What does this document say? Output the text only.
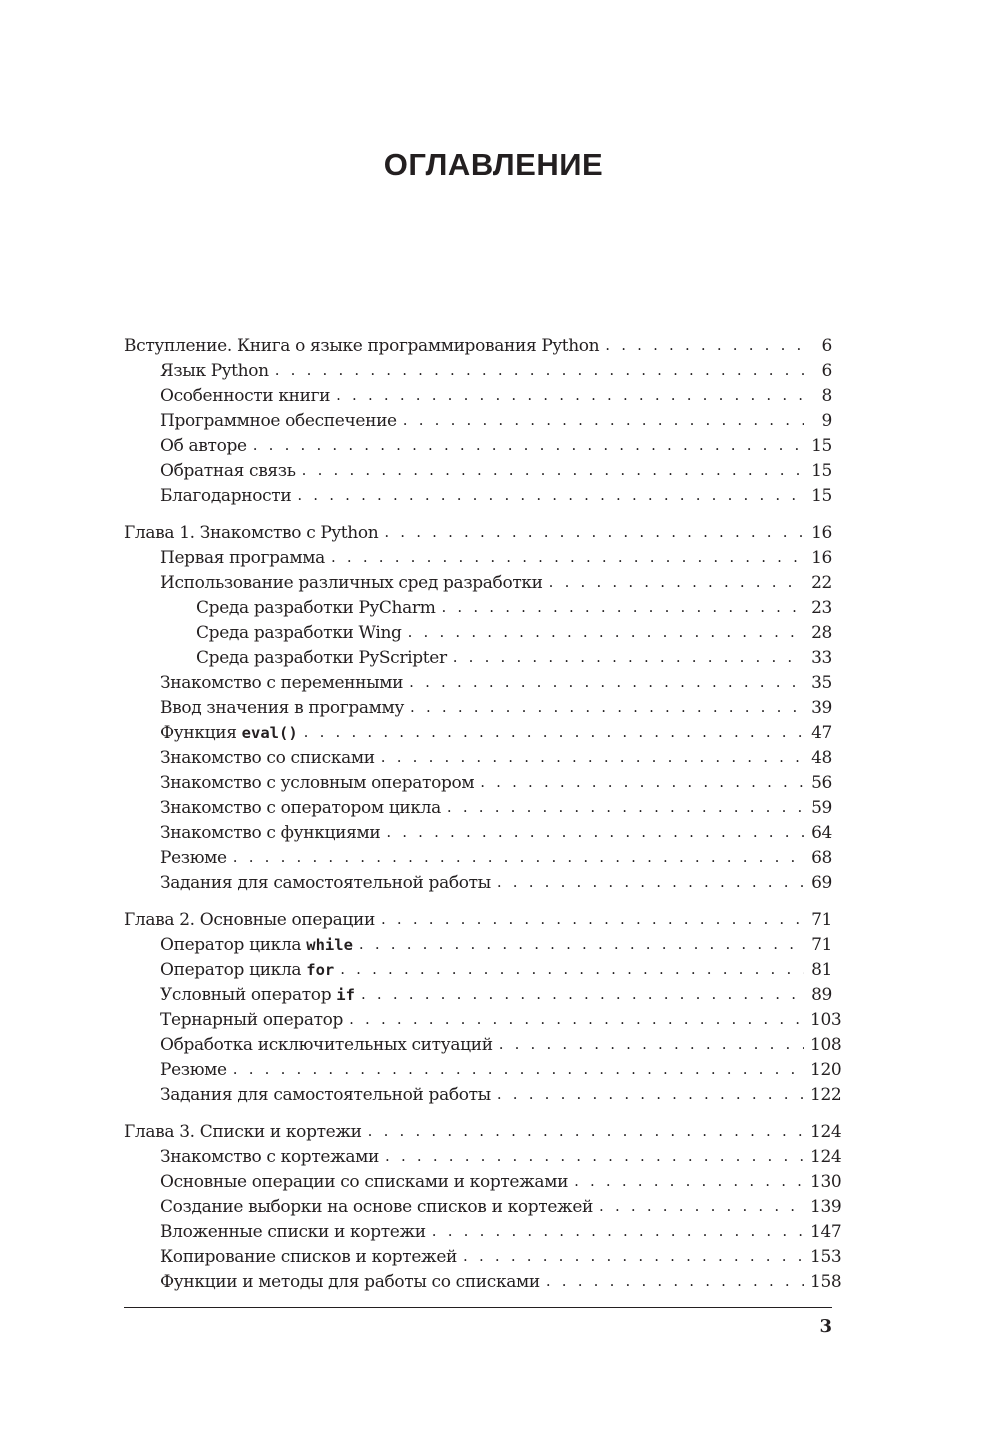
ОГЛАВЛЕНИЕ
Вступление. Книга о языке программирования Python . . .	6
Язык Python . . .	6
Особенности книги . . .	8
Программное обеспечение . . .	9
Об авторе . . .	15
Обратная связь . . .	15
Благодарности . . .	15
Глава 1. Знакомство с Python . . .	16
Первая программа . . .	16
Использование различных сред разработки . . .	22
Среда разработки PyCharm . . .	23
Среда разработки Wing . . .	28
Среда разработки PyScripter . . .	33
Знакомство с переменными . . .	35
Ввод значения в программу . . .	39
Функция eval() . . .	47
Знакомство со списками . . .	48
Знакомство с условным оператором . . .	56
Знакомство с оператором цикла . . .	59
Знакомство с функциями . . .	64
Резюме . . .	68
Задания для самостоятельной работы . . .	69
Глава 2. Основные операции . . .	71
Оператор цикла while . . .	71
Оператор цикла for . . .	81
Условный оператор if . . .	89
Тернарный оператор . . .	103
Обработка исключительных ситуаций . . .	108
Резюме . . .	120
Задания для самостоятельной работы . . .	122
Глава 3. Списки и кортежи . . .	124
Знакомство с кортежами . . .	124
Основные операции со списками и кортежами . . .	130
Создание выборки на основе списков и кортежей . . .	139
Вложенные списки и кортежи . . .	147
Копирование списков и кортежей . . .	153
Функции и методы для работы со списками . . .	158
3
